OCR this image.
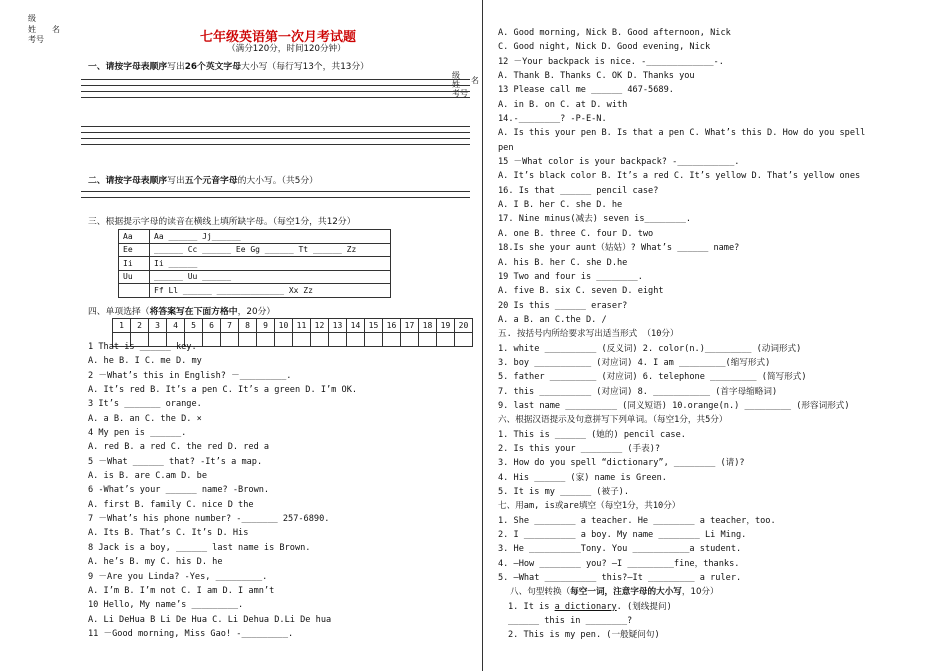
级
姓 名
考号
级
姓 名
考号
七年级英语第一次月考试题
（满分120分，时间120分钟）
一、请按字母表顺序写出26个英文字母大小写（每行写13个，共13分）
二、请按字母表顺序写出五个元音字母的大小写。（共5分）
三、根据提示字母的读音在横线上填所缺字母。（每空1分，共12分）
Aa	Aa ______ Jj______
Ee	______ Cc ______ Ee Gg ______ Tt ______ Zz
Ii	Ii ______
Uu	______ Uu ______
	Ff Ll ______ ______________ Xx Zz
四、单项选择（将答案写在下面方格中，20分）
1	2	3	4	5	6	7	8	9	10	11	12	13	14	15	16	17	18	19	20

1 That is ______ key.
A. he B. I C. me D. my
2 －What’s this in English? －_________.
A. It’s red B. It’s a pen C. It’s a green D. I’m OK.
3 It’s _______ orange.
A. a B. an C. the D. ×
4 My pen is ______.
A. red B. a red C. the red D. red a
5 －What ______ that? -It’s a map.
A. is B. are C.am D. be
6 -What’s your ______ name? -Brown.
A. first B. family C. nice D the
7 －What’s his phone number? -_______ 257-6890.
A. Its B. That’s C. It’s D. His
8 Jack is a boy, ______ last name is Brown.
A. he’s B. my C. his D. he
9 －Are you Linda? -Yes, _________.
A. I’m B. I’m not C. I am D. I amn’t
10 Hello, My name’s _________.
A. Li DeHua B Li De Hua C. Li Dehua D.Li De hua
11 －Good morning, Miss Gao! -_________.
A. Good morning, Nick B. Good afternoon, Nick
C. Good night, Nick D. Good evening, Nick
12 －Your backpack is nice. -_____________-.
A. Thank B. Thanks C. OK D. Thanks you
13 Please call me ______ 467-5689.
A. in B. on C. at D. with
14.-________? -P-E-N.
A. Is this your pen B. Is that a pen C. What’s this D. How do you spell
pen
15 －What color is your backpack? -___________.
A. It’s black color B. It’s a red C. It’s yellow D. That’s yellow ones
16. Is that ______ pencil case?
A. I B. her C. she D. he
17. Nine minus(减去) seven is________.
A. one B. three C. four D. two
18.Is she your aunt（姑姑）? What’s ______ name?
A. his B. her C. she D.he
19 Two and four is ________.
A. five B. six C. seven D. eight
20 Is this ______ eraser?
A. a B. an C.the D. /
五. 按括号内所给要求写出适当形式 （10分）
1. white __________ (反义词) 2. color(n.)_________ (动词形式)
3. boy ___________ (对应词) 4. I am _________(缩写形式)
5. father _________ (对应词) 6. telephone _________ (简写形式)
7. this __________ (对应词) 8. ___________ (首字母缩略词)
9. last name __________ (同义短语) 10.orange(n.) _________ (形容词形式)
六、根据汉语提示及句意拼写下列单词。（每空1分，共5分）
1. This is ______ (她的) pencil case.
2. Is this your ________ (手表)?
3. How do you spell “dictionary”, ________ (请)?
4. His ______ (家) name is Green.
5. It is my ______ (被子).
七、用am, is或are填空（每空1分，共10分）
1. She ________ a teacher. He ________ a teacher，too.
2. I __________ a boy. My name ________ Li Ming.
3. He __________Tony. You ___________a student.
4. —How ________ you? —I _________fine，thanks.
5. —What __________ this?—It _________ a ruler.
八、句型转换（每空一词，注意字母的大小写，10分）
1. It is a dictionary. (划线提问)
______ this in ________?
2. This is my pen. (一般疑问句)
